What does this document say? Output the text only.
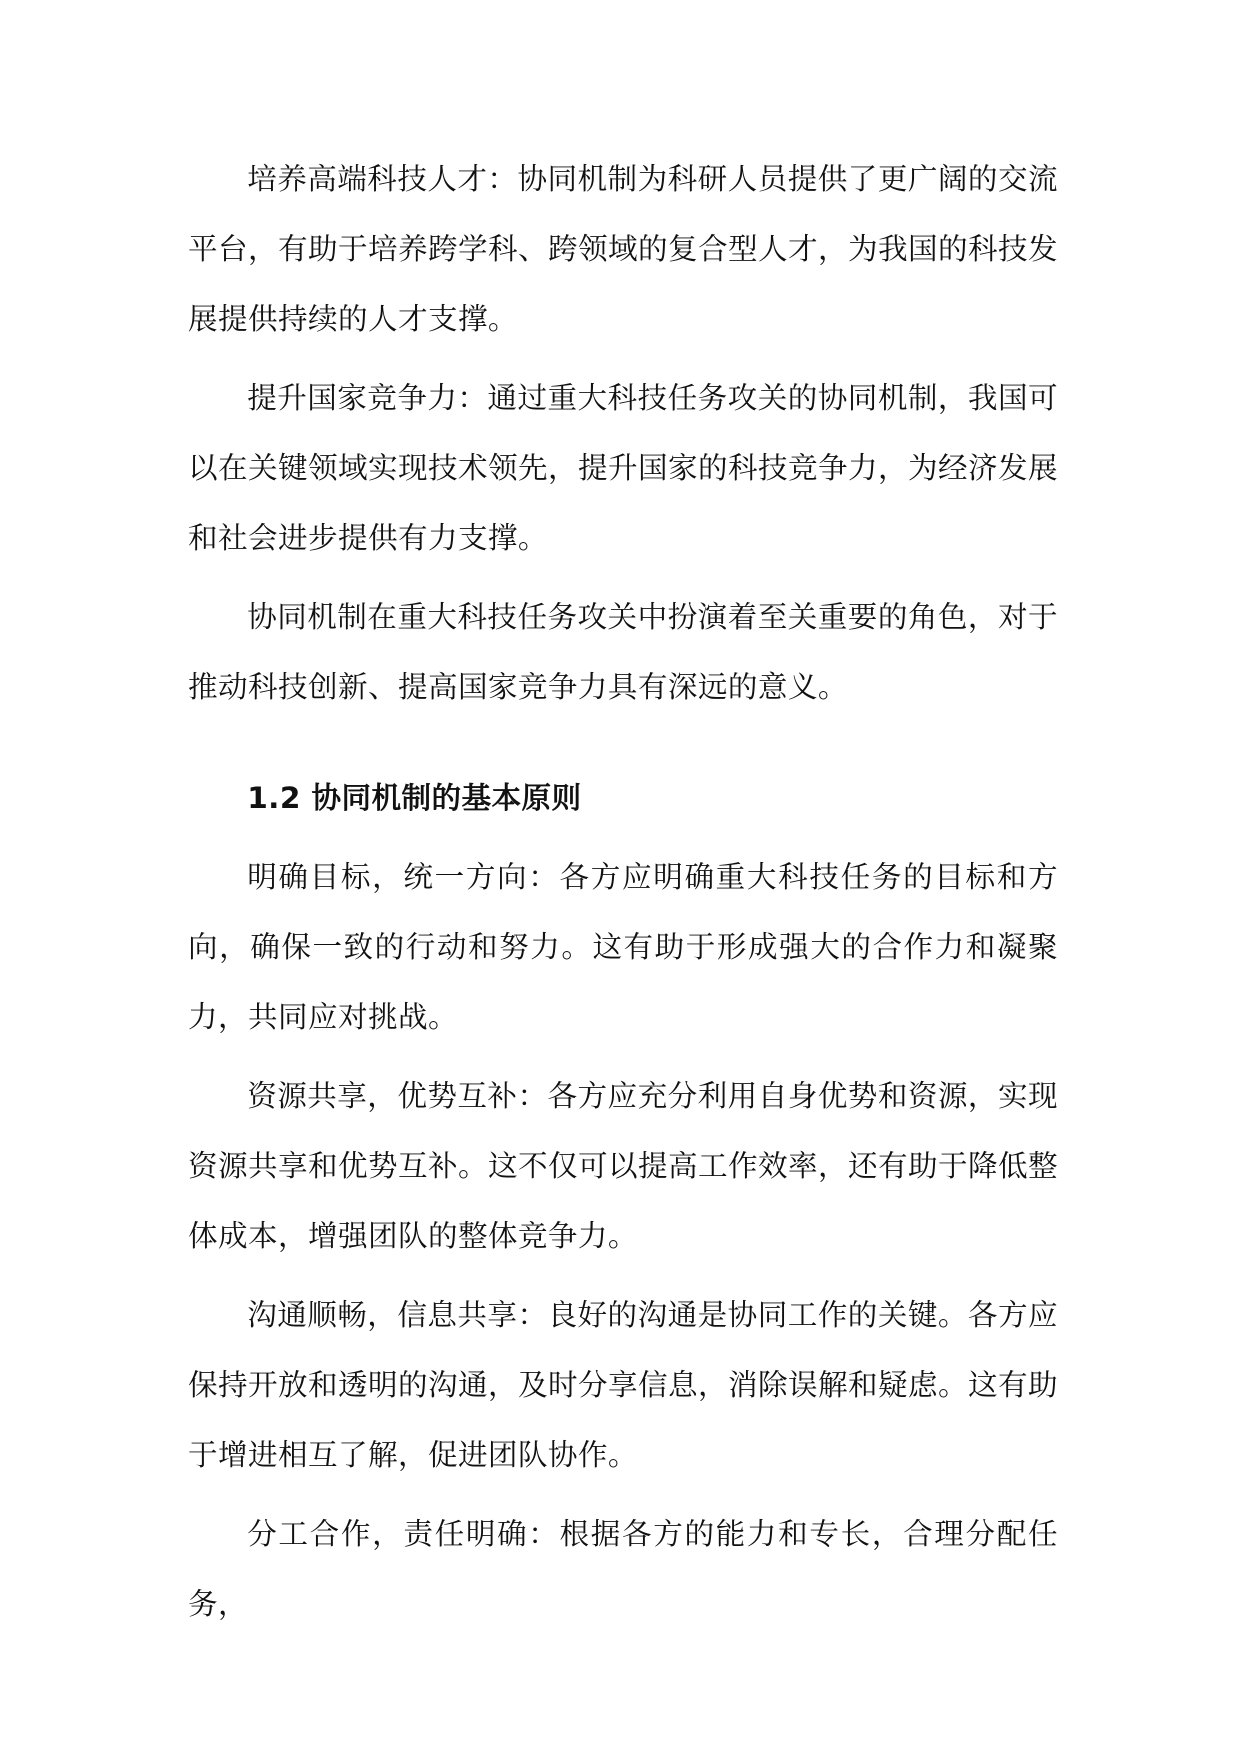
培养高端科技人才：协同机制为科研人员提供了更广阔的交流平台，有助于培养跨学科、跨领域的复合型人才，为我国的科技发展提供持续的人才支撑。

提升国家竞争力：通过重大科技任务攻关的协同机制，我国可以在关键领域实现技术领先，提升国家的科技竞争力，为经济发展和社会进步提供有力支撑。

协同机制在重大科技任务攻关中扮演着至关重要的角色，对于推动科技创新、提高国家竞争力具有深远的意义。

1.2 协同机制的基本原则

明确目标，统一方向：各方应明确重大科技任务的目标和方向，确保一致的行动和努力。这有助于形成强大的合作力和凝聚力，共同应对挑战。

资源共享，优势互补：各方应充分利用自身优势和资源，实现资源共享和优势互补。这不仅可以提高工作效率，还有助于降低整体成本，增强团队的整体竞争力。

沟通顺畅，信息共享：良好的沟通是协同工作的关键。各方应保持开放和透明的沟通，及时分享信息，消除误解和疑虑。这有助于增进相互了解，促进团队协作。

分工合作，责任明确：根据各方的能力和专长，合理分配任务，
